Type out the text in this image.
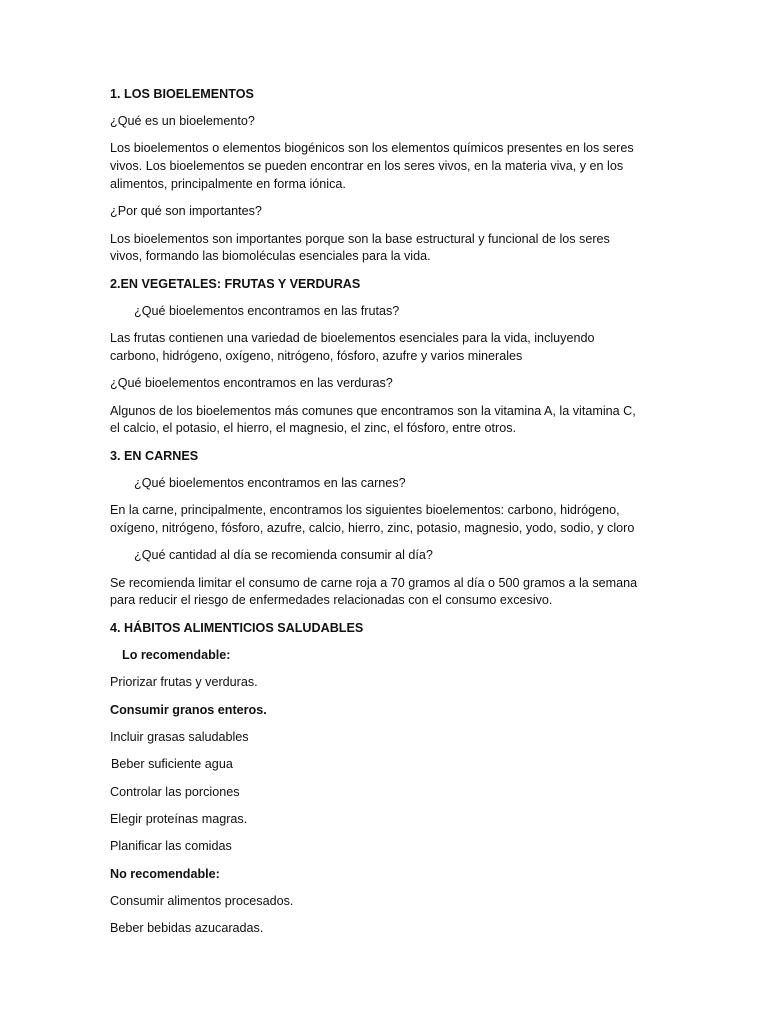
1. LOS BIOELEMENTOS

¿Qué es un bioelemento?

Los bioelementos o elementos biogénicos son los elementos químicos presentes en los seres

vivos. Los bioelementos se pueden encontrar en los seres vivos, en la materia viva, y en los

alimentos, principalmente en forma iónica.

¿Por qué son importantes?

Los bioelementos son importantes porque son la base estructural y funcional de los seres

vivos, formando las biomoléculas esenciales para la vida.

2.EN VEGETALES: FRUTAS Y VERDURAS

¿Qué bioelementos encontramos en las frutas?

Las frutas contienen una variedad de bioelementos esenciales para la vida, incluyendo

carbono, hidrógeno, oxígeno, nitrógeno, fósforo, azufre y varios minerales

¿Qué bioelementos encontramos en las verduras?

Algunos de los bioelementos más comunes que encontramos son la vitamina A, la vitamina C,

el calcio, el potasio, el hierro, el magnesio, el zinc, el fósforo, entre otros.

3. EN CARNES

¿Qué bioelementos encontramos en las carnes?

En la carne, principalmente, encontramos los siguientes bioelementos: carbono, hidrógeno,

oxígeno, nitrógeno, fósforo, azufre, calcio, hierro, zinc, potasio, magnesio, yodo, sodio, y cloro

¿Qué cantidad al día se recomienda consumir al día?

Se recomienda limitar el consumo de carne roja a 70 gramos al día o 500 gramos a la semana

para reducir el riesgo de enfermedades relacionadas con el consumo excesivo.

4. HÁBITOS ALIMENTICIOS SALUDABLES

Lo recomendable:

Priorizar frutas y verduras.

Consumir granos enteros.

Incluir grasas saludables

Beber suficiente agua

Controlar las porciones

Elegir proteínas magras.

Planificar las comidas

No recomendable:

Consumir alimentos procesados.

Beber bebidas azucaradas.
